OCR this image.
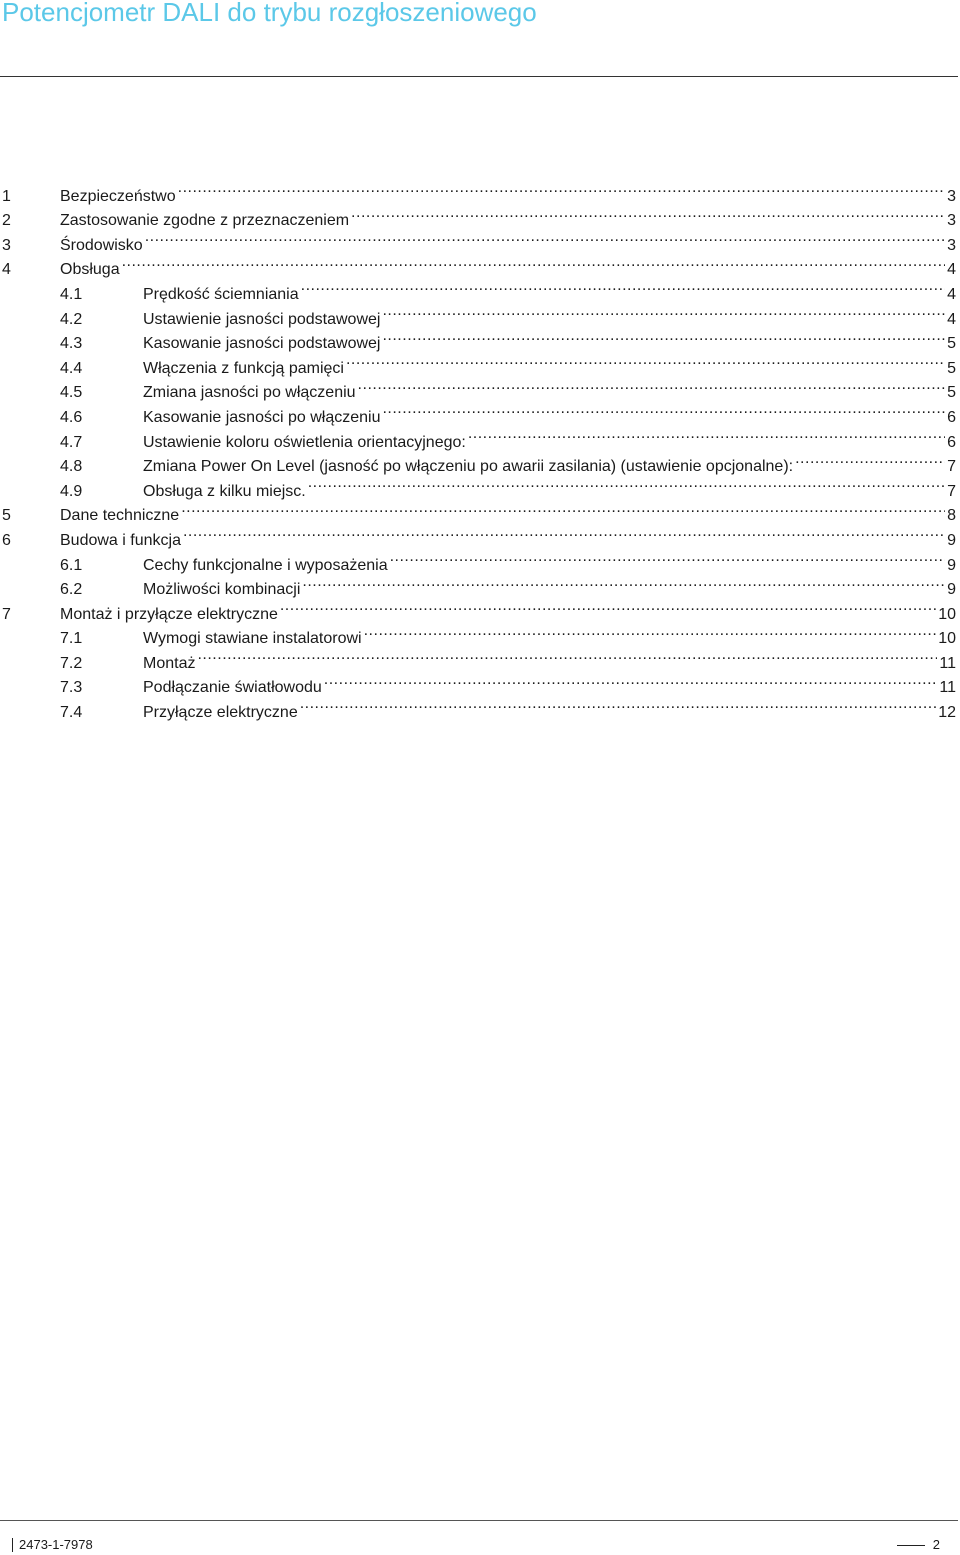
Potencjometr DALI do trybu rozgłoszeniowego
1	Bezpieczeństwo .....	3
2	Zastosowanie zgodne z przeznaczeniem .....	3
3	Środowisko .....	3
4	Obsługa .....	4
4.1	Prędkość ściemniania .....	4
4.2	Ustawienie jasności podstawowej .....	4
4.3	Kasowanie jasności podstawowej .....	5
4.4	Włączenia z funkcją pamięci .....	5
4.5	Zmiana jasności po włączeniu .....	5
4.6	Kasowanie jasności po włączeniu .....	6
4.7	Ustawienie koloru oświetlenia orientacyjnego: .....	6
4.8	Zmiana Power On Level (jasność po włączeniu po awarii zasilania) (ustawienie opcjonalne): .....	7
4.9	Obsługa z kilku miejsc. .....	7
5	Dane techniczne .....	8
6	Budowa i funkcja .....	9
6.1	Cechy funkcjonalne i wyposażenia .....	9
6.2	Możliwości kombinacji .....	9
7	Montaż i przyłącze elektryczne .....	10
7.1	Wymogi stawiane instalatorowi .....	10
7.2	Montaż .....	11
7.3	Podłączanie światłowodu .....	11
7.4	Przyłącze elektryczne .....	12
2473-1-7978	2
